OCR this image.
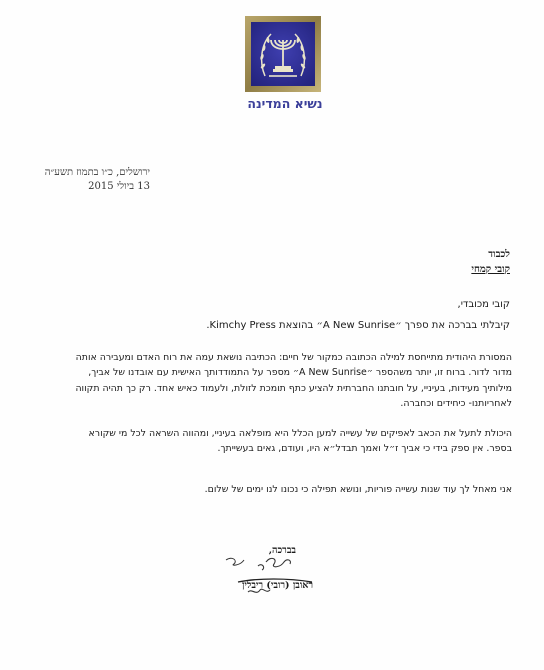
נשיא המדינה
ירושלים, כ״ו בתמוז תשע״ה
13 ביולי 2015
לכבוד
קובי קמחי
קובי מכובדי,
קיבלתי בברכה את ספרך ״A New Sunrise״ בהוצאת Kimchy Press.
המסורת היהודית מתייחסת למילה הכתובה כמקור של חיים: הכתיבה נושאת עמה את רוח האדם ומעבירה אותה
מדור לדור. ברוח זו, יותר משהספר ״A New Sunrise״ מספר על התמודדותך האישית עם אובדנו של אביך,
מילותיך מעידות, בעיניי, על חובתנו החברתית להציע כתף תומכת לזולת, ולעמוד כאיש אחד. רק כך תהיה תקווה
לאחריותנו- כיחידים וכחברה.
היכולת לתעל את הכאב לאפיקים של עשייה למען הכלל היא מופלאה בעיניי, ומהווה השראה לכל מי שקורא
בספר. אין ספק בידי כי אביך ז״ל ואמך תבדל״א היו, ועודם, גאים בעשייתך.
אני מאחל לך עוד שנות עשייה פוריות, ונושא תפילה כי נכונו לנו ימים של שלום.
בברכה,
ראובן (רובי) ריבלין
